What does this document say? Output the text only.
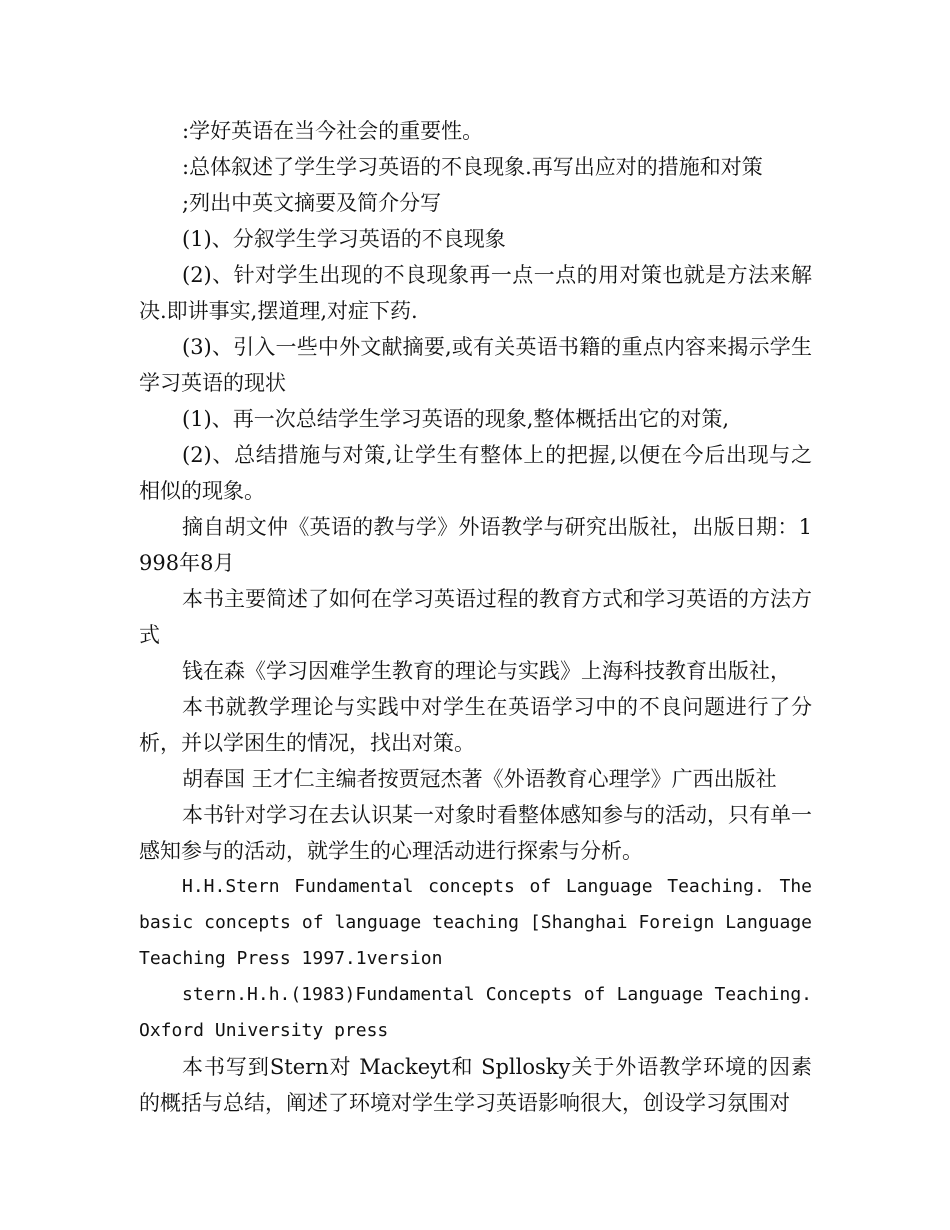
:学好英语在当今社会的重要性。

:总体叙述了学生学习英语的不良现象.再写出应对的措施和对策

;列出中英文摘要及简介分写

(1)、分叙学生学习英语的不良现象

(2)、针对学生出现的不良现象再一点一点的用对策也就是方法来解决.即讲事实,摆道理,对症下药.

(3)、引入一些中外文献摘要,或有关英语书籍的重点内容来揭示学生学习英语的现状

(1)、再一次总结学生学习英语的现象,整体概括出它的对策,

(2)、总结措施与对策,让学生有整体上的把握,以便在今后出现与之相似的现象。

摘自胡文仲《英语的教与学》外语教学与研究出版社，出版日期：1998年8月

本书主要简述了如何在学习英语过程的教育方式和学习英语的方法方式

钱在森《学习因难学生教育的理论与实践》上海科技教育出版社，

本书就教学理论与实践中对学生在英语学习中的不良问题进行了分析，并以学困生的情况，找出对策。

胡春国 王才仁主编者按贾冠杰著《外语教育心理学》广西出版社

本书针对学习在去认识某一对象时看整体感知参与的活动，只有单一感知参与的活动，就学生的心理活动进行探索与分析。

H.H.Stern Fundamental concepts of Language Teaching. The basic concepts of language teaching [Shanghai Foreign Language Teaching Press 1997.1version

stern.H.h.(1983)Fundamental Concepts of Language Teaching. Oxford University press

本书写到Stern对 Mackeyt和 Spllosky关于外语教学环境的因素的概括与总结，阐述了环境对学生学习英语影响很大，创设学习氛围对
